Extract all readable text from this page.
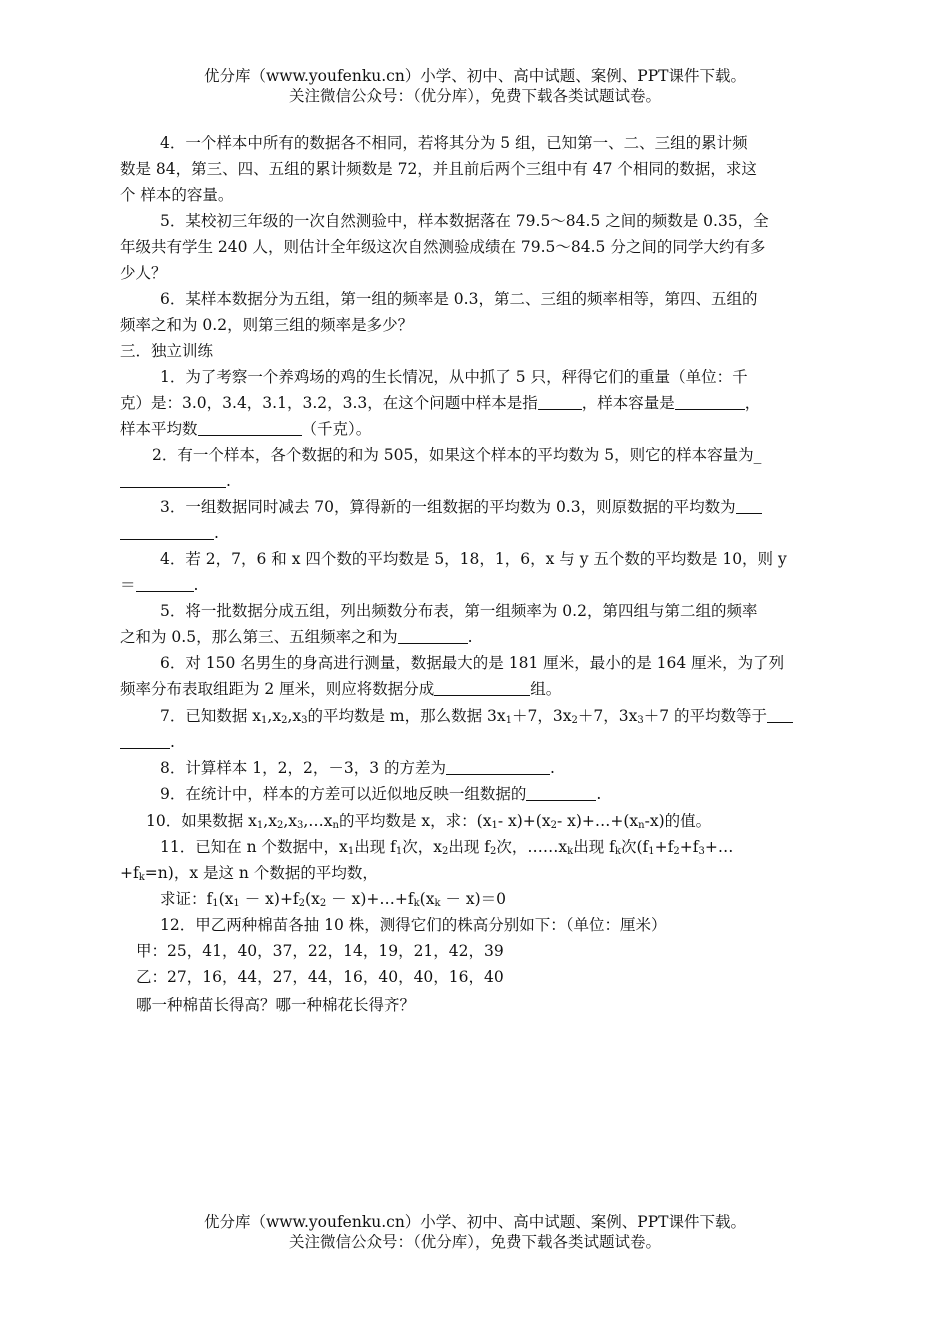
优分库（www.youfenku.cn）小学、初中、高中试题、案例、PPT课件下载。
关注微信公众号：（优分库），免费下载各类试题试卷。
4．一个样本中所有的数据各不相同，若将其分为 5 组，已知第一、二、三组的累计频
数是 84，第三、四、五组的累计频数是 72，并且前后两个三组中有 47 个相同的数据，求这
个 样本的容量。
5．某校初三年级的一次自然测验中，样本数据落在 79.5～84.5 之间的频数是 0.35，全
年级共有学生 240 人，则估计全年级这次自然测验成绩在 79.5～84.5 分之间的同学大约有多
少人？
6．某样本数据分为五组，第一组的频率是 0.3，第二、三组的频率相等，第四、五组的
频率之和为 0.2，则第三组的频率是多少？
三．独立训练
1．为了考察一个养鸡场的鸡的生长情况，从中抓了 5 只，秤得它们的重量（单位：千
克）是：3.0，3.4，3.1，3.2，3.3，在这个问题中样本是指	，样本容量是	，
样本平均数	（千克）。
2．有一个样本，各个数据的和为 505，如果这个样本的平均数为 5，则它的样本容量为_
.
3．一组数据同时减去 70，算得新的一组数据的平均数为 0.3，则原数据的平均数为
.
4．若 2，7，6 和 x 四个数的平均数是 5，18，1，6，x 与 y 五个数的平均数是 10，则 y
＝	.
5．将一批数据分成五组，列出频数分布表，第一组频率为 0.2，第四组与第二组的频率
之和为 0.5，那么第三、五组频率之和为	.
6．对 150 名男生的身高进行测量，数据最大的是 181 厘米，最小的是 164 厘米，为了列
频率分布表取组距为 2 厘米，则应将数据分成	组。
7．已知数据 $x_1,x_2,x_3$的平均数是 m，那么数据 $3x_1+7$，$3x_2+7$，$3x_3+7$ 的平均数等于
.
8．计算样本 1，2，2，－3，3 的方差为	.
9．在统计中，样本的方差可以近似地反映一组数据的	.
10．如果数据 $x_1,x_2,x_3,\dots x_n$的平均数是 x，求：($x_1-$ $x)+(x_2-$ $x)+\dots+(x_n-x)$的值。
11．已知在 n 个数据中，$x_1$出现 $f_1$次，$x_2$出现 $f_2$次，$\dots\dots x_k$出现 $f_k$次($f_1+f_2+f_3+\dots$
$+f_k=n$)，x 是这 n 个数据的平均数，
求证：$f_1(x_1 - x)+f_2(x_2$ － $x)+\dots+f_k(x_k - x)=0$
12．甲乙两种棉苗各抽 10 株，测得它们的株高分别如下：（单位：厘米）
甲：25，41，40，37，22，14，19，21，42，39
乙：27，16，44，27，44，16，40，40，16，40
哪一种棉苗长得高？哪一种棉花长得齐？
优分库（www.youfenku.cn）小学、初中、高中试题、案例、PPT课件下载。
关注微信公众号：（优分库），免费下载各类试题试卷。
